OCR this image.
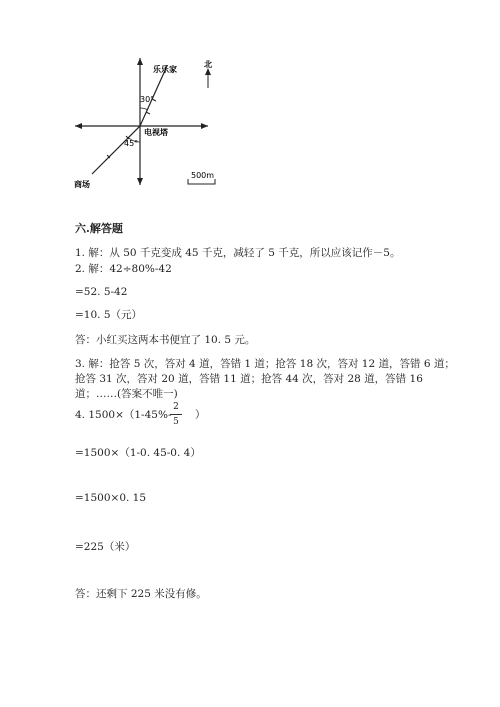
乐乐家
北
30°
电视塔
45°
商场
500m
六.解答题
1. 解：从 50 千克变成 45 千克，减轻了 5 千克，所以应该记作－5。
2. 解：42÷80%-42
=52. 5-42
=10. 5（元）
答：小红买这两本书便宜了 10. 5 元。
3. 解：抢答 5 次，答对 4 道，答错 1 道；抢答 18 次，答对 12 道，答错 6 道；
抢答 31 次，答对 20 道，答错 11 道；抢答 44 次，答对 28 道，答错 16
道；……(答案不唯一)
4. 1500×（1-45%-
2
5
）
=1500×（1-0. 45-0. 4）
=1500×0. 15
=225（米）
答：还剩下 225 米没有修。
